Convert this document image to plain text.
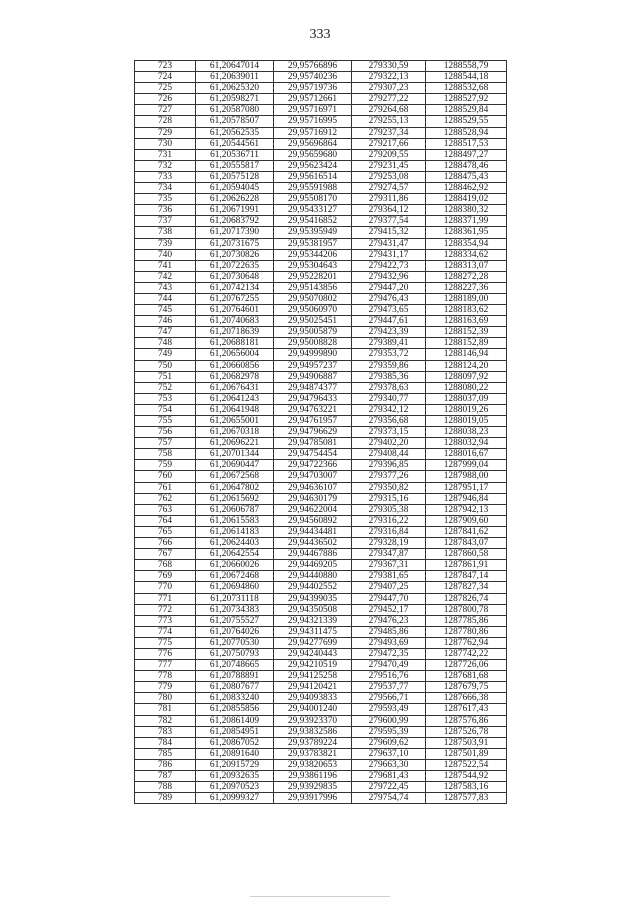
333
723	61,20647014	29,95766896	279330,59	1288558,79
724	61,20639011	29,95740236	279322,13	1288544,18
725	61,20625320	29,95719736	279307,23	1288532,68
726	61,20598271	29,95712661	279277,22	1288527,92
727	61,20587080	29,95716971	279264,68	1288529,84
728	61,20578507	29,95716995	279255,13	1288529,55
729	61,20562535	29,95716912	279237,34	1288528,94
730	61,20544561	29,95696864	279217,66	1288517,53
731	61,20536711	29,95659680	279209,55	1288497,27
732	61,20555817	29,95623424	279231,45	1288478,46
733	61,20575128	29,95616514	279253,08	1288475,43
734	61,20594045	29,95591988	279274,57	1288462,92
735	61,20626228	29,95508170	279311,86	1288419,02
736	61,20671991	29,95433127	279364,12	1288380,32
737	61,20683792	29,95416852	279377,54	1288371,99
738	61,20717390	29,95395949	279415,32	1288361,95
739	61,20731675	29,95381957	279431,47	1288354,94
740	61,20730826	29,95344206	279431,17	1288334,62
741	61,20722635	29,95304643	279422,73	1288313,07
742	61,20730648	29,95228201	279432,96	1288272,28
743	61,20742134	29,95143856	279447,20	1288227,36
744	61,20767255	29,95070802	279476,43	1288189,00
745	61,20764601	29,95060970	279473,65	1288183,62
746	61,20740683	29,95025451	279447,61	1288163,69
747	61,20718639	29,95005879	279423,39	1288152,39
748	61,20688181	29,95008828	279389,41	1288152,89
749	61,20656004	29,94999890	279353,72	1288146,94
750	61,20660856	29,94957237	279359,86	1288124,20
751	61,20682978	29,94906887	279385,36	1288097,92
752	61,20676431	29,94874377	279378,63	1288080,22
753	61,20641243	29,94796433	279340,77	1288037,09
754	61,20641948	29,94763221	279342,12	1288019,26
755	61,20655001	29,94761957	279356,68	1288019,05
756	61,20670318	29,94796629	279373,15	1288038,23
757	61,20696221	29,94785081	279402,20	1288032,94
758	61,20701344	29,94754454	279408,44	1288016,67
759	61,20690447	29,94722366	279396,85	1287999,04
760	61,20672568	29,94703007	279377,26	1287988,00
761	61,20647802	29,94636107	279350,82	1287951,17
762	61,20615692	29,94630179	279315,16	1287946,84
763	61,20606787	29,94622004	279305,38	1287942,13
764	61,20615583	29,94560892	279316,22	1287909,60
765	61,20614183	29,94434481	279316,84	1287841,62
766	61,20624403	29,94436502	279328,19	1287843,07
767	61,20642554	29,94467886	279347,87	1287860,58
768	61,20660026	29,94469205	279367,31	1287861,91
769	61,20672468	29,94440880	279381,65	1287847,14
770	61,20694860	29,94402552	279407,25	1287827,34
771	61,20731118	29,94399035	279447,70	1287826,74
772	61,20734383	29,94350508	279452,17	1287800,78
773	61,20755527	29,94321339	279476,23	1287785,86
774	61,20764026	29,94311475	279485,86	1287780,86
775	61,20770530	29,94277699	279493,69	1287762,94
776	61,20750793	29,94240443	279472,35	1287742,22
777	61,20748665	29,94210519	279470,49	1287726,06
778	61,20788891	29,94125258	279516,76	1287681,68
779	61,20807677	29,94120421	279537,77	1287679,75
780	61,20833240	29,94093833	279566,71	1287666,38
781	61,20855856	29,94001240	279593,49	1287617,43
782	61,20861409	29,93923370	279600,99	1287576,86
783	61,20854951	29,93832586	279595,39	1287526,78
784	61,20867052	29,93789224	279609,62	1287503,91
785	61,20891640	29,93783821	279637,10	1287501,89
786	61,20915729	29,93820653	279663,30	1287522,54
787	61,20932635	29,93861196	279681,43	1287544,92
788	61,20970523	29,93929835	279722,45	1287583,16
789	61,20999327	29,93917996	279754,74	1287577,83
